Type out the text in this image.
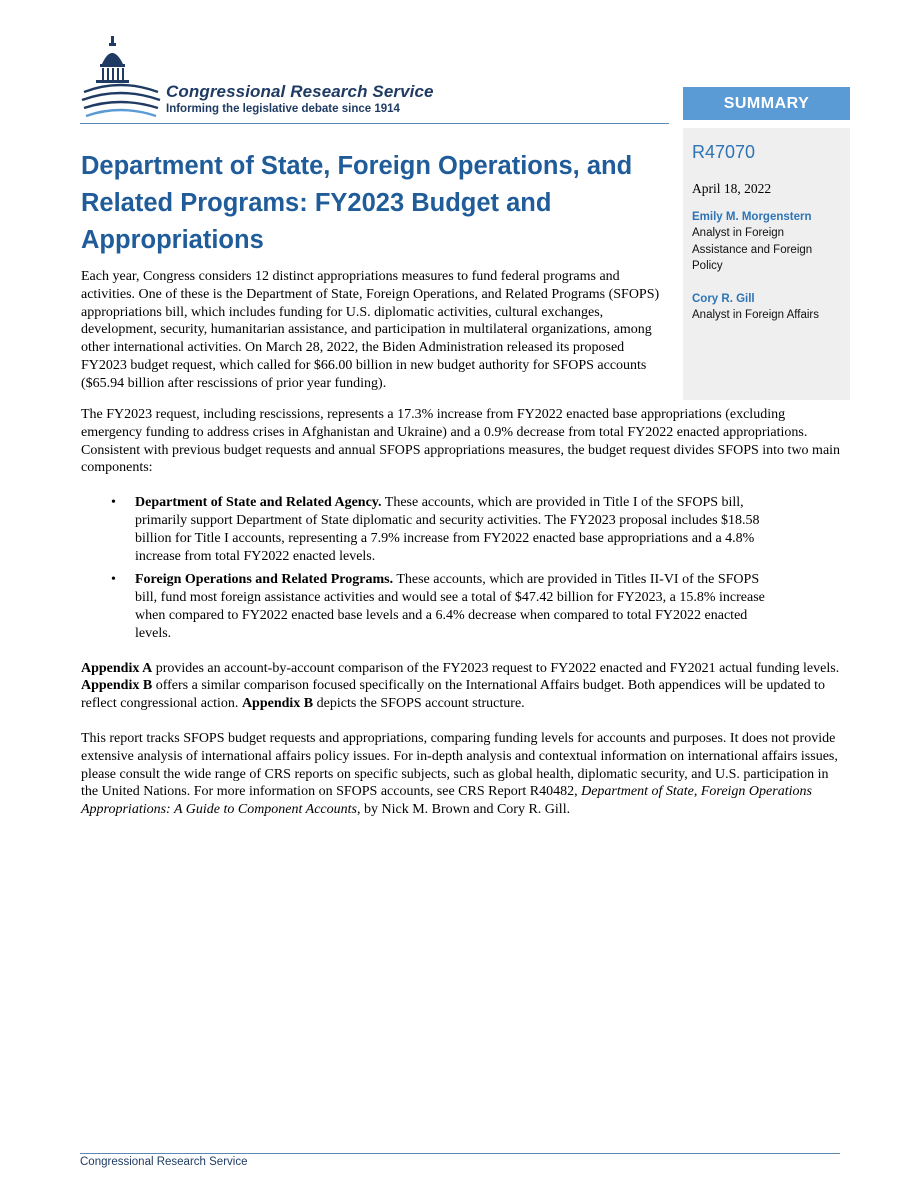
Congressional Research Service
Informing the legislative debate since 1914	SUMMARY
R47070
April 18, 2022
Emily M. Morgenstern
Analyst in Foreign Assistance and Foreign Policy
Cory R. Gill
Analyst in Foreign Affairs
Department of State, Foreign Operations, and Related Programs: FY2023 Budget and Appropriations

Each year, Congress considers 12 distinct appropriations measures to fund federal programs and activities. One of these is the Department of State, Foreign Operations, and Related Programs (SFOPS) appropriations bill, which includes funding for U.S. diplomatic activities, cultural exchanges, development, security, humanitarian assistance, and participation in multilateral organizations, among other international activities. On March 28, 2022, the Biden Administration released its proposed FY2023 budget request, which called for $66.00 billion in new budget authority for SFOPS accounts ($65.94 billion after rescissions of prior year funding).

The FY2023 request, including rescissions, represents a 17.3% increase from FY2022 enacted base appropriations (excluding emergency funding to address crises in Afghanistan and Ukraine) and a 0.9% decrease from total FY2022 enacted appropriations. Consistent with previous budget requests and annual SFOPS appropriations measures, the budget request divides SFOPS into two main components:

• Department of State and Related Agency. These accounts, which are provided in Title I of the SFOPS bill, primarily support Department of State diplomatic and security activities. The FY2023 proposal includes $18.58 billion for Title I accounts, representing a 7.9% increase from FY2022 enacted base appropriations and a 4.8% increase from total FY2022 enacted levels.
• Foreign Operations and Related Programs. These accounts, which are provided in Titles II-VI of the SFOPS bill, fund most foreign assistance activities and would see a total of $47.42 billion for FY2023, a 15.8% increase when compared to FY2022 enacted base levels and a 6.4% decrease when compared to total FY2022 enacted levels.

Appendix A provides an account-by-account comparison of the FY2023 request to FY2022 enacted and FY2021 actual funding levels. Appendix B offers a similar comparison focused specifically on the International Affairs budget. Both appendices will be updated to reflect congressional action. Appendix B depicts the SFOPS account structure.

This report tracks SFOPS budget requests and appropriations, comparing funding levels for accounts and purposes. It does not provide extensive analysis of international affairs policy issues. For in-depth analysis and contextual information on international affairs issues, please consult the wide range of CRS reports on specific subjects, such as global health, diplomatic security, and U.S. participation in the United Nations. For more information on SFOPS accounts, see CRS Report R40482, Department of State, Foreign Operations Appropriations: A Guide to Component Accounts, by Nick M. Brown and Cory R. Gill.

Congressional Research Service
